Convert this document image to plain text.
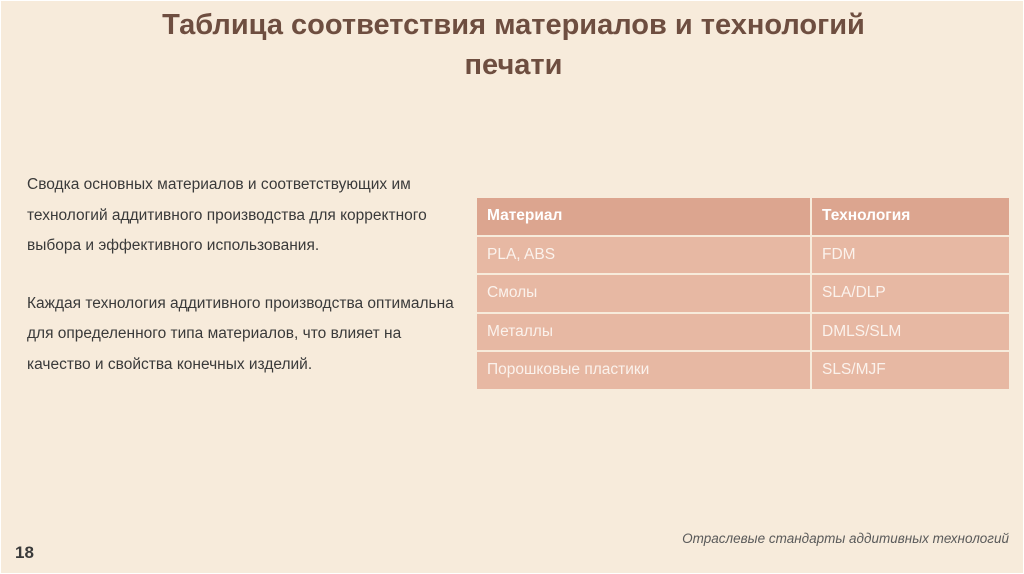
Таблица соответствия материалов и технологий
печати

Сводка основных материалов и соответствующих им технологий аддитивного производства для корректного выбора и эффективного использования.

Каждая технология аддитивного производства оптимальна для определенного типа материалов, что влияет на качество и свойства конечных изделий.

Материал	Технология
PLA, ABS	FDM
Смолы	SLA/DLP
Металлы	DMLS/SLM
Порошковые пластики	SLS/MJF
Отраслевые стандарты аддитивных технологий
18
